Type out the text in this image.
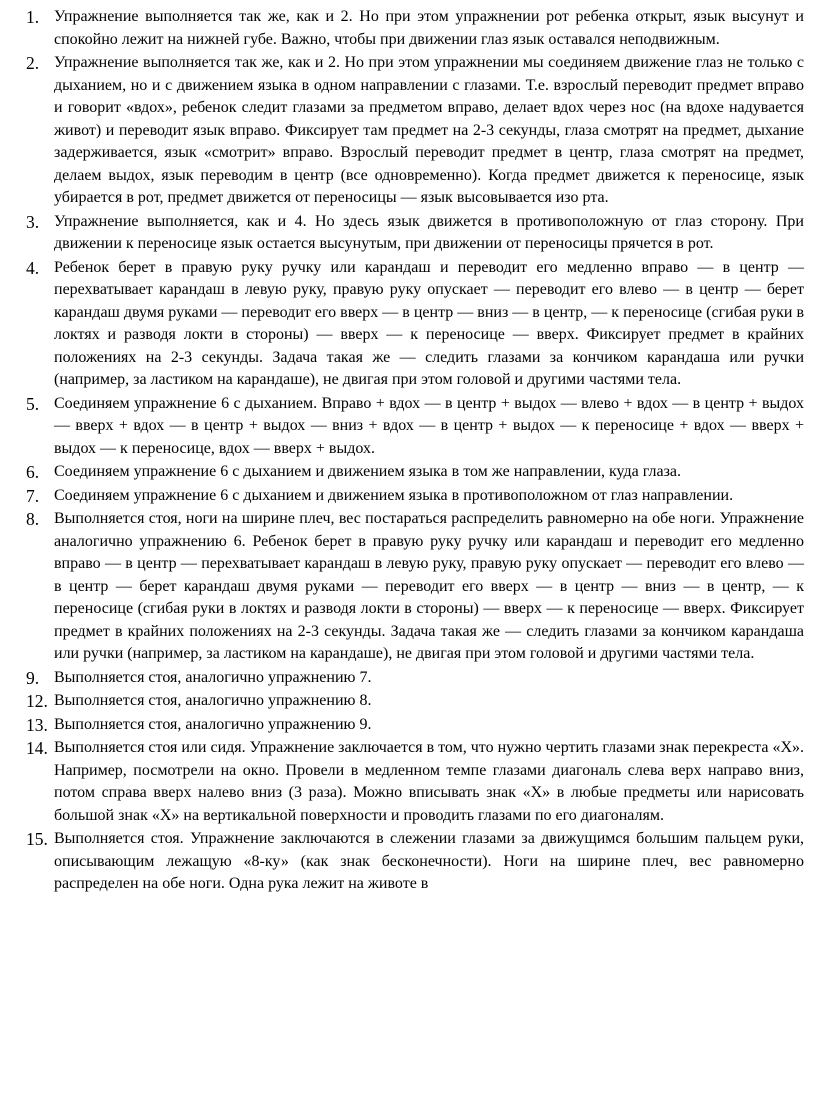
1. Упражнение выполняется так же, как и 2. Но при этом упражнении рот ребенка открыт, язык высунут и спокойно лежит на нижней губе. Важно, чтобы при движении глаз язык оставался неподвижным.
2. Упражнение выполняется так же, как и 2. Но при этом упражнении мы соединяем движение глаз не только с дыханием, но и с движением языка в одном направлении с глазами. Т.е. взрослый переводит предмет вправо и говорит «вдох», ребенок следит глазами за предметом вправо, делает вдох через нос (на вдохе надувается живот) и переводит язык вправо. Фиксирует там предмет на 2-3 секунды, глаза смотрят на предмет, дыхание задерживается, язык «смотрит» вправо. Взрослый переводит предмет в центр, глаза смотрят на предмет, делаем выдох, язык переводим в центр (все одновременно). Когда предмет движется к переносице, язык убирается в рот, предмет движется от переносицы — язык высовывается изо рта.
3. Упражнение выполняется, как и 4. Но здесь язык движется в противоположную от глаз сторону. При движении к переносице язык остается высунутым, при движении от переносицы прячется в рот.
4. Ребенок берет в правую руку ручку или карандаш и переводит его медленно вправо — в центр — перехватывает карандаш в левую руку, правую руку опускает — переводит его влево — в центр — берет карандаш двумя руками — переводит его вверх — в центр — вниз — в центр, — к переносице (сгибая руки в локтях и разводя локти в стороны) — вверх — к переносице — вверх. Фиксирует предмет в крайних положениях на 2-3 секунды. Задача такая же — следить глазами за кончиком карандаша или ручки (например, за ластиком на карандаше), не двигая при этом головой и другими частями тела.
5. Соединяем упражнение 6 с дыханием. Вправо + вдох — в центр + выдох — влево + вдох — в центр + выдох — вверх + вдох — в центр + выдох — вниз + вдох — в центр + выдох — к переносице + вдох — вверх + выдох — к переносице, вдох — вверх + выдох.
6. Соединяем упражнение 6 с дыханием и движением языка в том же направлении, куда глаза.
7. Соединяем упражнение 6 с дыханием и движением языка в противоположном от глаз направлении.
8. Выполняется стоя, ноги на ширине плеч, вес постараться распределить равномерно на обе ноги. Упражнение аналогично упражнению 6. Ребенок берет в правую руку ручку или карандаш и переводит его медленно вправо — в центр — перехватывает карандаш в левую руку, правую руку опускает — переводит его влево — в центр — берет карандаш двумя руками — переводит его вверх — в центр — вниз — в центр, — к переносице (сгибая руки в локтях и разводя локти в стороны) — вверх — к переносице — вверх. Фиксирует предмет в крайних положениях на 2-3 секунды. Задача такая же — следить глазами за кончиком карандаша или ручки (например, за ластиком на карандаше), не двигая при этом головой и другими частями тела.
9. Выполняется стоя, аналогично упражнению 7.
12. Выполняется стоя, аналогично упражнению 8.
13. Выполняется стоя, аналогично упражнению 9.
14. Выполняется стоя или сидя. Упражнение заключается в том, что нужно чертить глазами знак перекреста «Х». Например, посмотрели на окно. Провели в медленном темпе глазами диагональ слева верх направо вниз, потом справа вверх налево вниз (3 раза). Можно вписывать знак «Х» в любые предметы или нарисовать большой знак «Х» на вертикальной поверхности и проводить глазами по его диагоналям.
15. Выполняется стоя. Упражнение заключаются в слежении глазами за движущимся большим пальцем руки, описывающим лежащую «8-ку» (как знак бесконечности). Ноги на ширине плеч, вес равномерно распределен на обе ноги. Одна рука лежит на животе в
